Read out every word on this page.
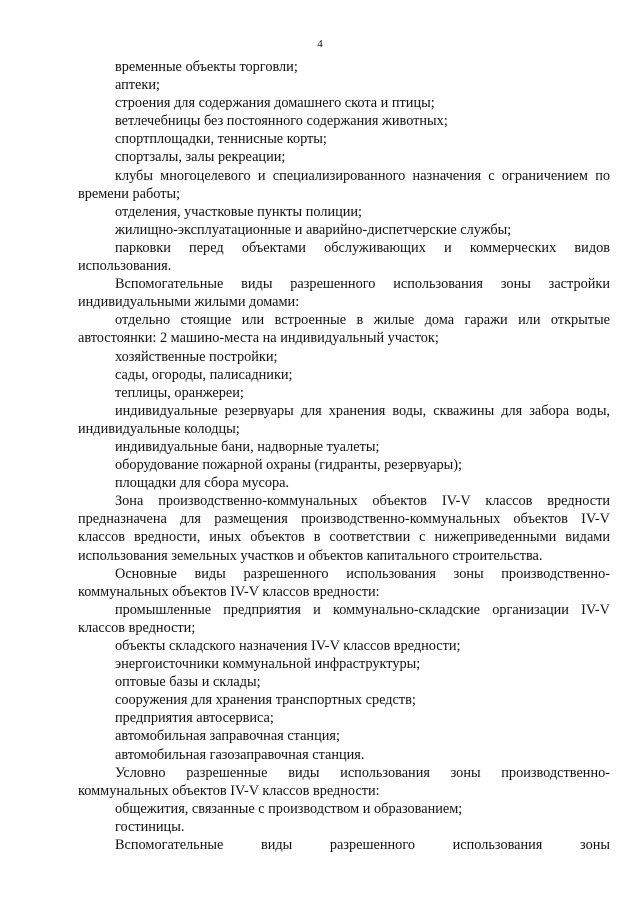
4

временные объекты торговли;

аптеки;

строения для содержания домашнего скота и птицы;

ветлечебницы без постоянного содержания животных;

спортплощадки, теннисные корты;

спортзалы, залы рекреации;

клубы многоцелевого и специализированного назначения с ограничением по времени работы;

отделения, участковые пункты полиции;

жилищно-эксплуатационные и аварийно-диспетчерские службы;

парковки перед объектами обслуживающих и коммерческих видов использования.

Вспомогательные виды разрешенного использования зоны застройки индивидуальными жилыми домами:

отдельно стоящие или встроенные в жилые дома гаражи или открытые автостоянки: 2 машино-места на индивидуальный участок;

хозяйственные постройки;

сады, огороды, палисадники;

теплицы, оранжереи;

индивидуальные резервуары для хранения воды, скважины для забора воды, индивидуальные колодцы;

индивидуальные бани, надворные туалеты;

оборудование пожарной охраны (гидранты, резервуары);

площадки для сбора мусора.

Зона производственно-коммунальных объектов IV-V классов вредности предназначена для размещения производственно-коммунальных объектов IV-V классов вредности, иных объектов в соответствии с нижеприведенными видами использования земельных участков и объектов капитального строительства.

Основные виды разрешенного использования зоны производственно-коммунальных объектов IV-V классов вредности:

промышленные предприятия и коммунально-складские организации IV-V классов вредности;

объекты складского назначения IV-V классов вредности;

энергоисточники коммунальной инфраструктуры;

оптовые базы и склады;

сооружения для хранения транспортных средств;

предприятия автосервиса;

автомобильная заправочная станция;

автомобильная газозаправочная станция.

Условно разрешенные виды использования зоны производственно-коммунальных объектов IV-V классов вредности:

общежития, связанные с производством и образованием;

гостиницы.

Вспомогательные виды разрешенного использования зоны
